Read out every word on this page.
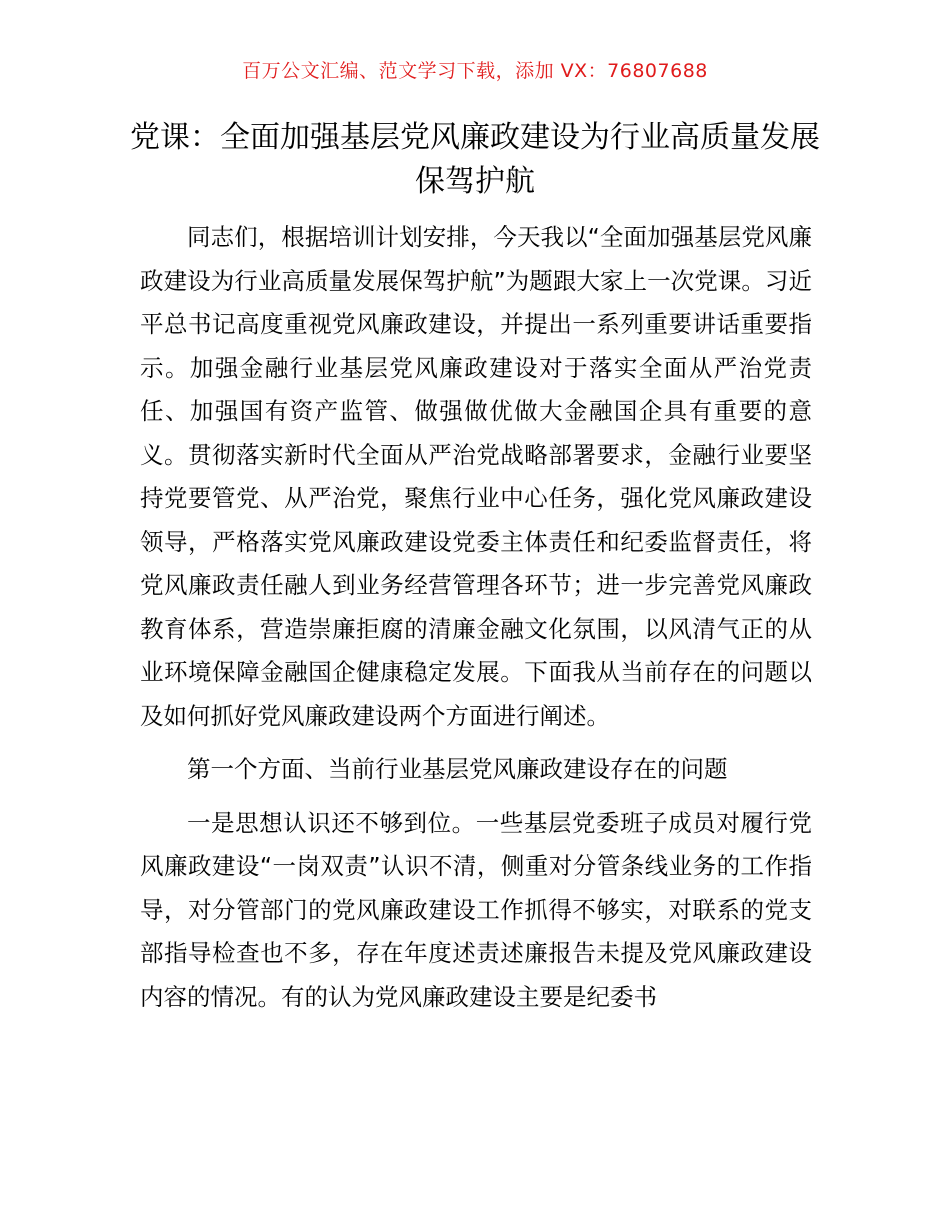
百万公文汇编、范文学习下载，添加 VX：76807688
党课：全面加强基层党风廉政建设为行业高质量发展保驾护航

同志们，根据培训计划安排，今天我以“全面加强基层党风廉政建设为行业高质量发展保驾护航”为题跟大家上一次党课。习近平总书记高度重视党风廉政建设，并提出一系列重要讲话重要指示。加强金融行业基层党风廉政建设对于落实全面从严治党责任、加强国有资产监管、做强做优做大金融国企具有重要的意义。贯彻落实新时代全面从严治党战略部署要求，金融行业要坚持党要管党、从严治党，聚焦行业中心任务，强化党风廉政建设领导，严格落实党风廉政建设党委主体责任和纪委监督责任，将党风廉政责任融人到业务经营管理各环节；进一步完善党风廉政教育体系，营造崇廉拒腐的清廉金融文化氛围，以风清气正的从业环境保障金融国企健康稳定发展。下面我从当前存在的问题以及如何抓好党风廉政建设两个方面进行阐述。

第一个方面、当前行业基层党风廉政建设存在的问题

一是思想认识还不够到位。一些基层党委班子成员对履行党风廉政建设“一岗双责”认识不清，侧重对分管条线业务的工作指导，对分管部门的党风廉政建设工作抓得不够实，对联系的党支部指导检查也不多，存在年度述责述廉报告未提及党风廉政建设内容的情况。有的认为党风廉政建设主要是纪委书
